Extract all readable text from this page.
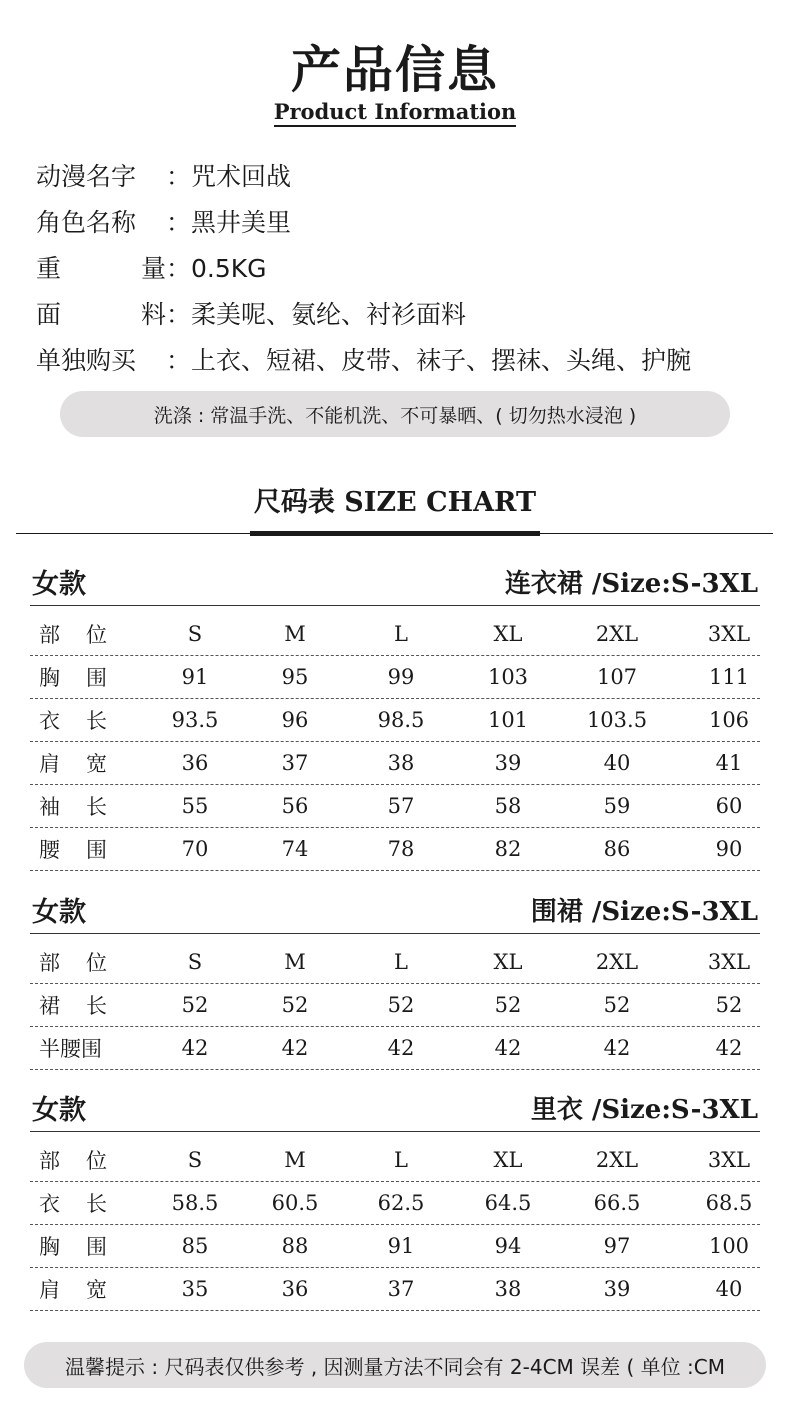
产品信息
Product Information
动漫名字 ：咒术回战
角色名称 ：黑井美里
重	量 ：0.5KG
面	料 ：柔美呢、氨纶、衬衫面料
单独购买 ：上衣、短裙、皮带、袜子、摆袜、头绳、护腕
洗涤 : 常温手洗、不能机洗、不可暴晒、( 切勿热水浸泡 )
尺码表 SIZE CHART
女款	连衣裙 /Size:S-3XL
部 位	S	M	L	XL	2XL	3XL
胸 围	91	95	99	103	107	111
衣 长	93.5	96	98.5	101	103.5	106
肩 宽	36	37	38	39	40	41
袖 长	55	56	57	58	59	60
腰 围	70	74	78	82	86	90
女款	围裙 /Size:S-3XL
部 位	S	M	L	XL	2XL	3XL
裙 长	52	52	52	52	52	52
半腰围	42	42	42	42	42	42
女款	里衣 /Size:S-3XL
部 位	S	M	L	XL	2XL	3XL
衣 长	58.5	60.5	62.5	64.5	66.5	68.5
胸 围	85	88	91	94	97	100
肩 宽	35	36	37	38	39	40
温馨提示 : 尺码表仅供参考 , 因测量方法不同会有 2-4CM 误差 ( 单位 :CM
